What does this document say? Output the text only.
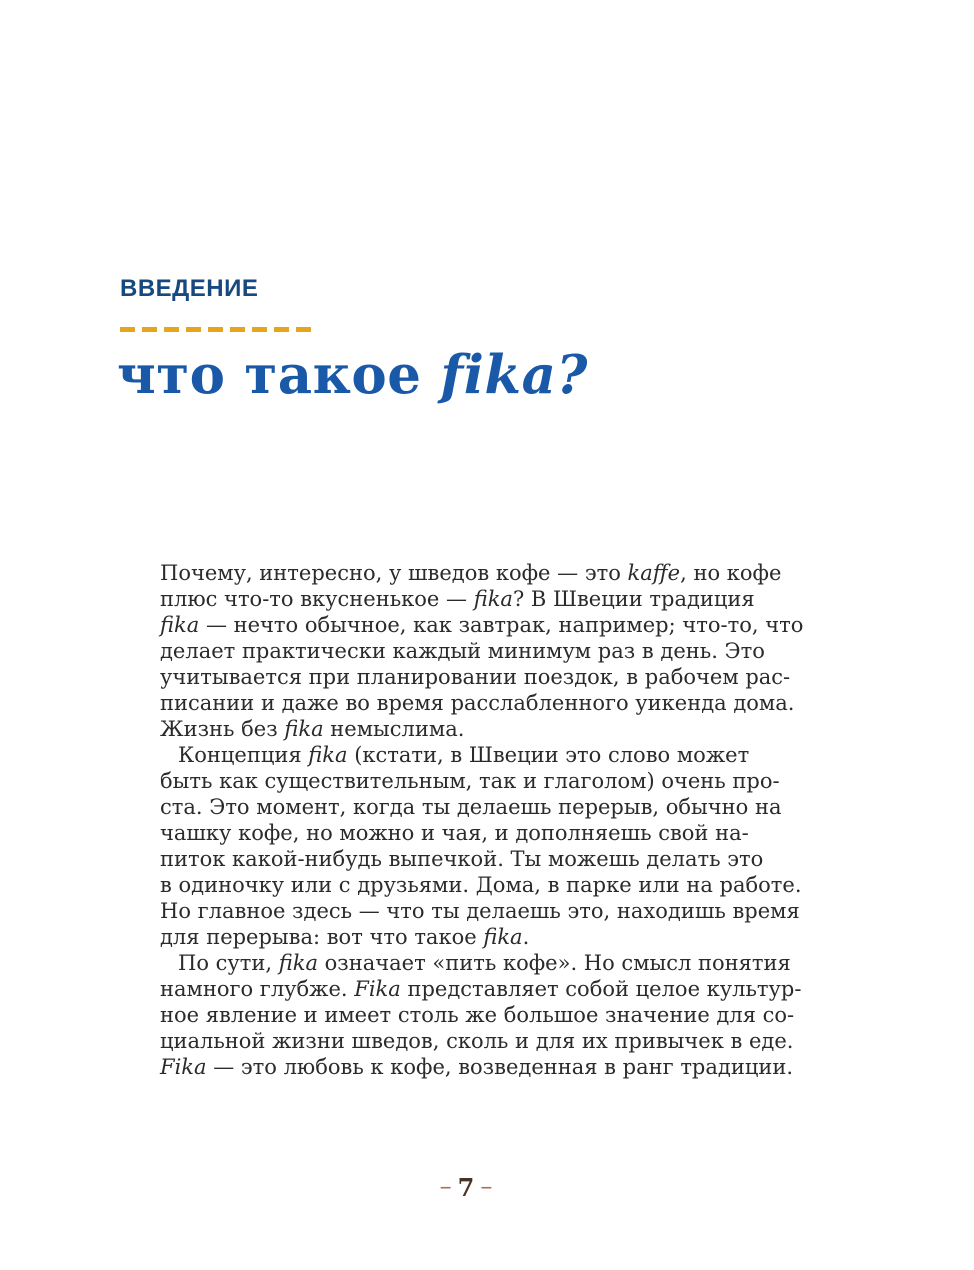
ВВЕДЕНИЕ
что такое fika?
Почему, интересно, у шведов кофе — это kaffe, но кофе
плюс что-то вкусненькое — fika? В Швеции традиция
fika — нечто обычное, как завтрак, например; что-то, что
делает практически каждый минимум раз в день. Это
учитывается при планировании поездок, в рабочем рас-
писании и даже во время расслабленного уикенда дома.
Жизнь без fika немыслима.
Концепция fika (кстати, в Швеции это слово может
быть как существительным, так и глаголом) очень про-
ста. Это момент, когда ты делаешь перерыв, обычно на
чашку кофе, но можно и чая, и дополняешь свой на-
питок какой-нибудь выпечкой. Ты можешь делать это
в одиночку или с друзьями. Дома, в парке или на работе.
Но главное здесь — что ты делаешь это, находишь время
для перерыва: вот что такое fika.
По сути, fika означает «пить кофе». Но смысл понятия
намного глубже. Fika представляет собой целое культур-
ное явление и имеет столь же большое значение для со-
циальной жизни шведов, сколь и для их привычек в еде.
Fika — это любовь к кофе, возведенная в ранг традиции.
– 7 –
